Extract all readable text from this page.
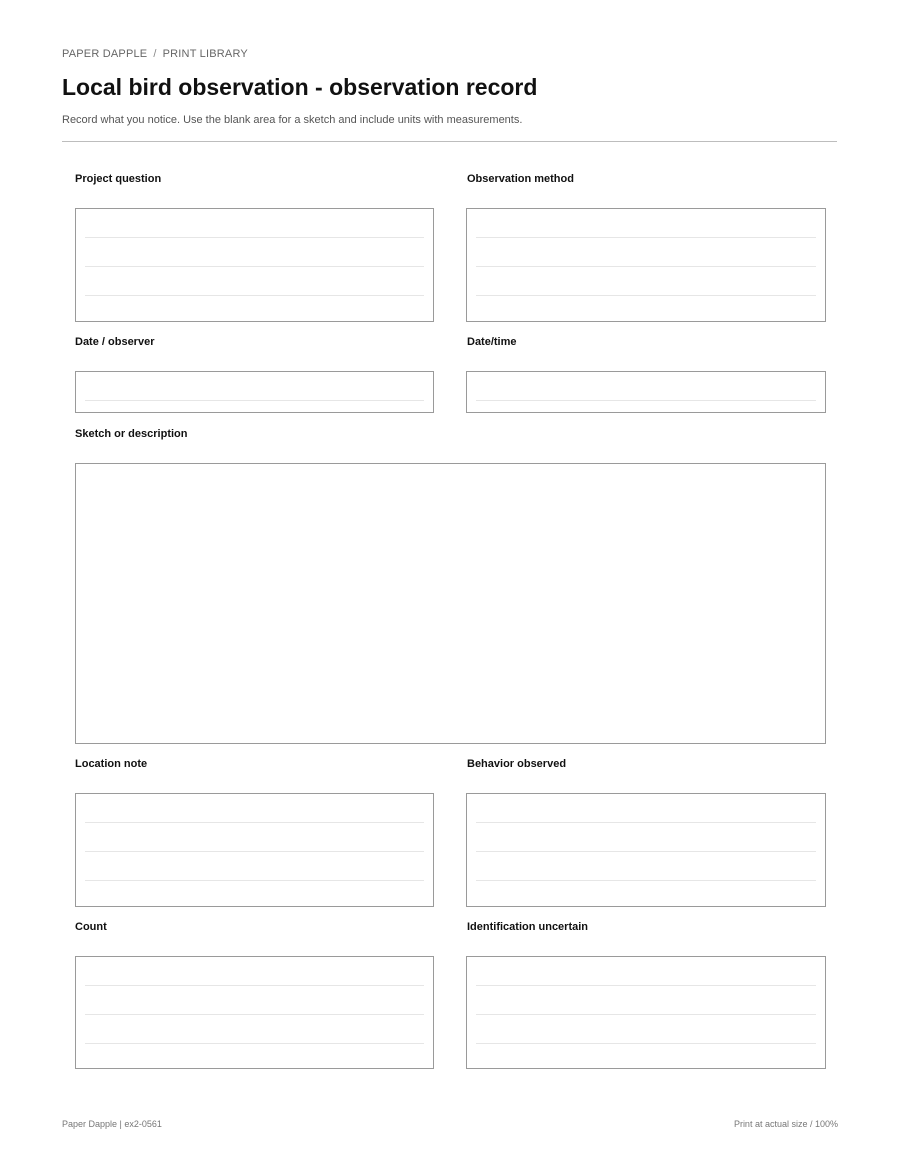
PAPER DAPPLE / PRINT LIBRARY
Local bird observation - observation record
Record what you notice. Use the blank area for a sketch and include units with measurements.
Project question	Observation method
Date / observer	Date/time
Sketch or description
Location note	Behavior observed
Count	Identification uncertain
Paper Dapple | ex2-0561	Print at actual size / 100%
